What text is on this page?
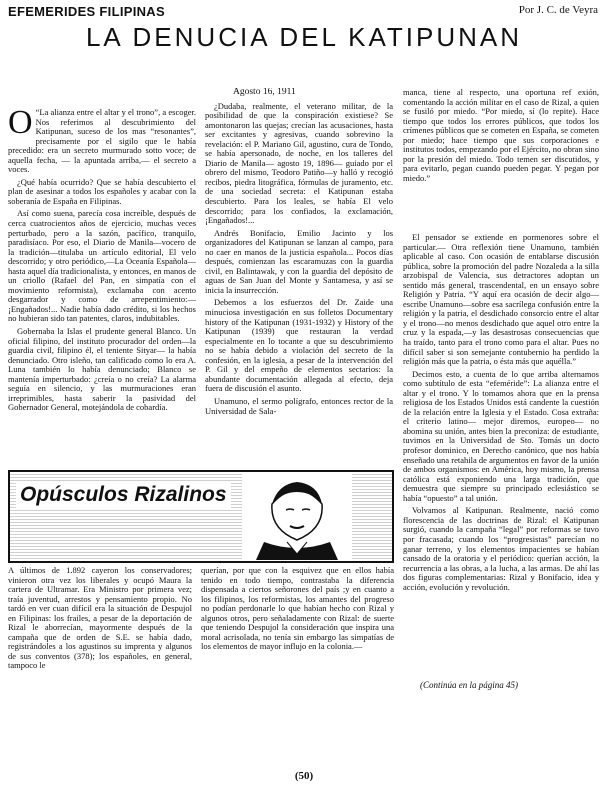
EFEMERIDES FILIPINAS	Por J. C. de Veyra
LA DENUCIA DEL KATIPUNAN

O “La alianza entre el altar y el trono”, a escoger. Nos referimos al descubrimiento del Katipunan, suceso de los mas “resonantes”, precisamente por el sigilo que le había precedido: era un secreto murmurado sotto voce; de aquella fecha, — la apuntada arriba,— el secreto a voces.

¿Qué había ocurrido? Que se había descubierto el plan de asesinar a todos los españoles y acabar con la soberanía de España en Filipinas.

Así como suena, parecía cosa increíble, después de cerca cuatrocientos años de ejercicio, muchas veces perturbado, pero a la sazón, pacífico, tranquilo, paradisíaco. Por eso, el Diario de Manila—vocero de la tradición—titulaba un artículo editorial, El velo descorrido; y otro periódico,—La Oceanía Española—hasta aquel día tradicionalista, y entonces, en manos de un criollo (Rafael del Pan, en simpatía con el movimiento reformista), exclamaba con acento desgarrador y como de arrepentimiento:—¡Engañados!... Nadie había dado crédito, si los hechos no hubieran sido tan patentes, claros, indubitables.

Gobernaba la Islas el prudente general Blanco. Un oficial filipino, del instituto procurador del orden—la guardia civil, filipino él, el teniente Sityar— la había denunciado. Otro isleño, tan calificado como lo era A. Luna también lo había denunciado; Blanco se mantenía imperturbado: ¿creía o no creía? La alarma seguía en silencio, y las murmuraciones eran irreprimibles, hasta saberir la pasividad del Gobernador General, motejándola de cobardía.

Agosto 16, 1911

¿Dudaba, realmente, el veterano militar, de la posibilidad de que la conspiración existiese? Se amontonaron las quejas; crecían las acusaciones, hasta ser excitantes y agresivas, cuando sobrevino la revelación: el P. Mariano Gil, agustino, cura de Tondo, se había apersonado, de noche, en los talleres del Diario de Manila— agosto 19, 1896— guiado por el obrero del mismo, Teodoro Patiño—y halló y recogió recibos, piedra litográfica, fórmulas de juramento, etc. de una sociedad secreta: el Katipunan estaba descubierto. Para los leales, se había El velo descorrido; para los confiados, la exclamación, ¡Engañados!...

Andrés Bonifacio, Emilio Jacinto y los organizadores del Katipunan se lanzan al campo, para no caer en manos de la justicia española... Pocos días después, comienzan las escaramuzas con la guardia civil, en Balintawak, y con la guardia del depósito de aguas de San Juan del Monte y Santamesa, y así se inicia la insurrección.

Debemos a los esfuerzos del Dr. Zaide una minuciosa investigación en sus folletos Documentary history of the Katipunan (1931-1932) y History of the Katipunan (1939) que restauran la verdad especialmente en lo tocante a que su descubrimiento no se había debido a violación del secreto de la confesión, en la iglesia, a pesar de la intervención del P. Gil y del empeño de elementos sectarios: la abundante documentación allegada al efecto, deja fuera de discusión el asunto.

Unamuno, el sermo polígrafo, entonces rector de la Universidad de Sala-

manca, tiene al respecto, una oportuna ref exión, comentando la acción militar en el caso de Rizal, a quien se fusiló por miedo. “Por miedo, sí (lo repite). Hace tiempo que todos los errores públicos, que todos los crímenes públicos que se cometen en España, se cometen por miedo; hace tiempo que sus corporaciones e institutos todos, empezando por el Ejército, no obran sino por la presión del miedo. Todo temen ser discutidos, y para evitarlo, pegan cuando pueden pegar. Y pegan por miedo.”

El pensador se extiende en pormenores sobre el particular.— Otra reflexión tiene Unamuno, también aplicable al caso. Con ocasión de entablarse discusión pública, sobre la promoción del padre Nozaleda a la silla arzobispal de Valencia, sus detractores adoptan un sentido más general, trascendental, en un ensayo sobre Religión y Patria. “Y aquí era ocasión de decir algo—escribe Unamuno—sobre esa sacrílega confusión entre la religión y la patria, el desdichado consorcio entre el altar y el trono—no menos desdichado que aquel otro entre la cruz y la espada,—y las desastrosas consecuencias que ha traído, tanto para el trono como para el altar. Pues no difícil saber si son semejante contubernio ha perdido la religión más que la patria, o ésta más que aquélla.”

Decimos esto, a cuenta de lo que arriba alternamos como subtítulo de esta “efeméride”: La alianza entre el altar y el trono. Y lo tomamos ahora que en la prensa religiosa de los Estados Unidos está candente la cuestión de la relación entre la Iglesia y el Estado. Cosa extraña: el criterio latino— mejor diremos, europeo— no abomina su unión, antes bien la preconiza: de estudiante, tuvimos en la Universidad de Sto. Tomás un docto profesor dominico, en Derecho canónico, que nos había enseñado una retahila de argumentos en favor de la unión de ambos organismos: en América, hoy mismo, la prensa católica está exponiendo una larga tradición, que demuestra que siempre su principado eclesiástico se había “opuesto” a tal unión.

Volvamos al Katipunan. Realmente, nació como florescencia de las doctrinas de Rizal: el Katipunan surgió, cuando la campaña “legal” por reformas se tuvo por fracasada; cuando los “progresistas” parecían no ganar terreno, y los elementos impacientes se habían cansado de la oratoria y el periódico: querían acción, la recurrencia a las obras, a la lucha, a las armas. De ahí las dos figuras complementarias: Rizal y Bonifacio, idea y acción, evolución y revolución.

(Continúa en la página 45)
Opúsculos Rizalinos

A últimos de 1.892 cayeron los conservadores; vinieron otra vez los liberales y ocupó Maura la cartera de Ultramar. Era Ministro por primera vez; traía juventud, arrestos y pensamiento propio. No tardó en ver cuan difícil era la situación de Despujol en Filipinas: los frailes, a pesar de la deportación de Rizal le aborrecían, mayormente después de la campaña que de orden de S.E. se había dado, registrándoles a los agustinos su imprenta y algunos de sus conventos (378); los españoles, en general, tampoco le

querían, por que con la esquivez que en ellos había tenido en todo tiempo, contrastaba la diferencia dispensada a ciertos señorones del país ;y en cuanto a los filipinos, los reformistas, los amantes del progreso no podían perdonarle lo que habían hecho con Rizal y algunos otros, pero señaladamente con Rizal: de suerte que teniendo Despujol la consideración que inspira una moral acrisolada, no tenía sin embargo las simpatías de los elementos de mayor influjo en la colonia.—

(50)
